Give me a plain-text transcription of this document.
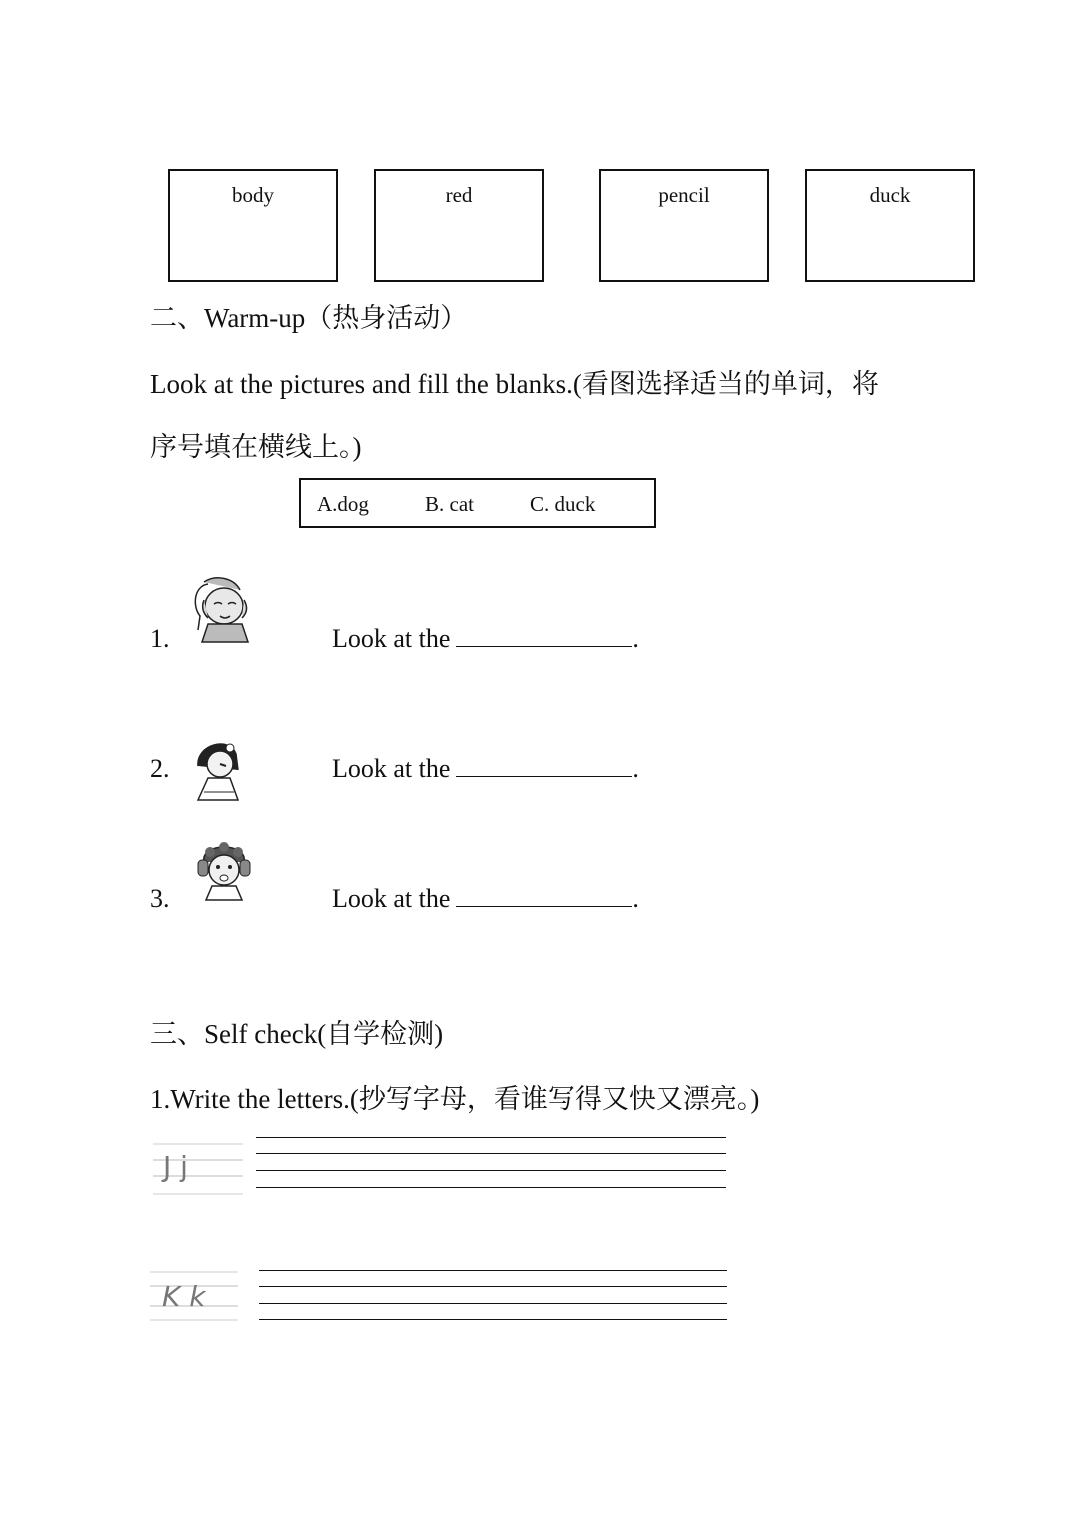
body	red	pencil	duck
二、Warm-up（热身活动）
Look at the pictures and fill the blanks.(看图选择适当的单词，将
序号填在横线上。)
A.dog	B. cat	C. duck
1.	Look at the	.
2.	Look at the	.
3.	Look at the	.
三、Self check(自学检测)
1.Write the letters.(抄写字母，看谁写得又快又漂亮。)
J j
K k
